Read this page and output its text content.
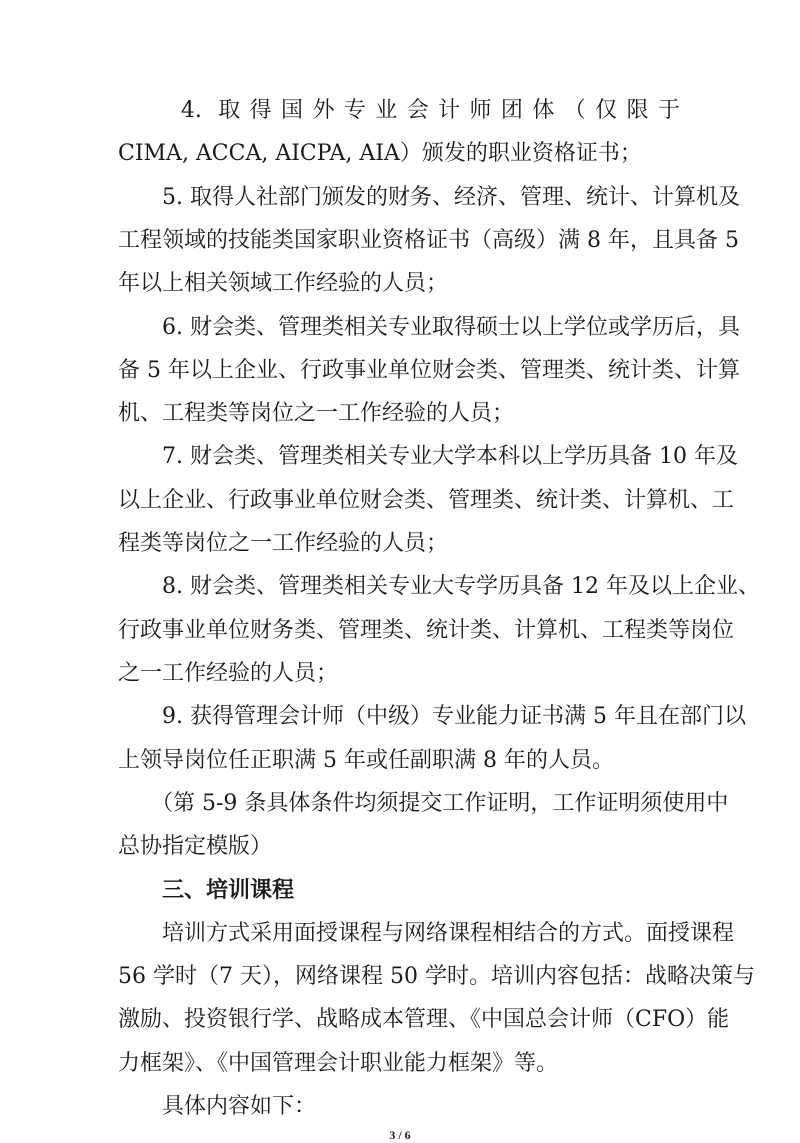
　　4. 取得国外专业会计师团体（仅限于
CIMA, ACCA, AICPA, AIA）颁发的职业资格证书；
　　5. 取得人社部门颁发的财务、经济、管理、统计、计算机及
工程领域的技能类国家职业资格证书（高级）满 8 年，且具备 5
年以上相关领域工作经验的人员；
　　6. 财会类、管理类相关专业取得硕士以上学位或学历后，具
备 5 年以上企业、行政事业单位财会类、管理类、统计类、计算
机、工程类等岗位之一工作经验的人员；
　　7. 财会类、管理类相关专业大学本科以上学历具备 10 年及
以上企业、行政事业单位财会类、管理类、统计类、计算机、工
程类等岗位之一工作经验的人员；
　　8. 财会类、管理类相关专业大专学历具备 12 年及以上企业、
行政事业单位财务类、管理类、统计类、计算机、工程类等岗位
之一工作经验的人员；
　　9. 获得管理会计师（中级）专业能力证书满 5 年且在部门以
上领导岗位任正职满 5 年或任副职满 8 年的人员。
　　（第 5-9 条具体条件均须提交工作证明，工作证明须使用中
总协指定模版）
　　三、培训课程
　　培训方式采用面授课程与网络课程相结合的方式。面授课程
56 学时（7 天），网络课程 50 学时。培训内容包括：战略决策与
激励、投资银行学、战略成本管理、《中国总会计师（CFO）能
力框架》、《中国管理会计职业能力框架》等。
　　具体内容如下：
3 / 6
